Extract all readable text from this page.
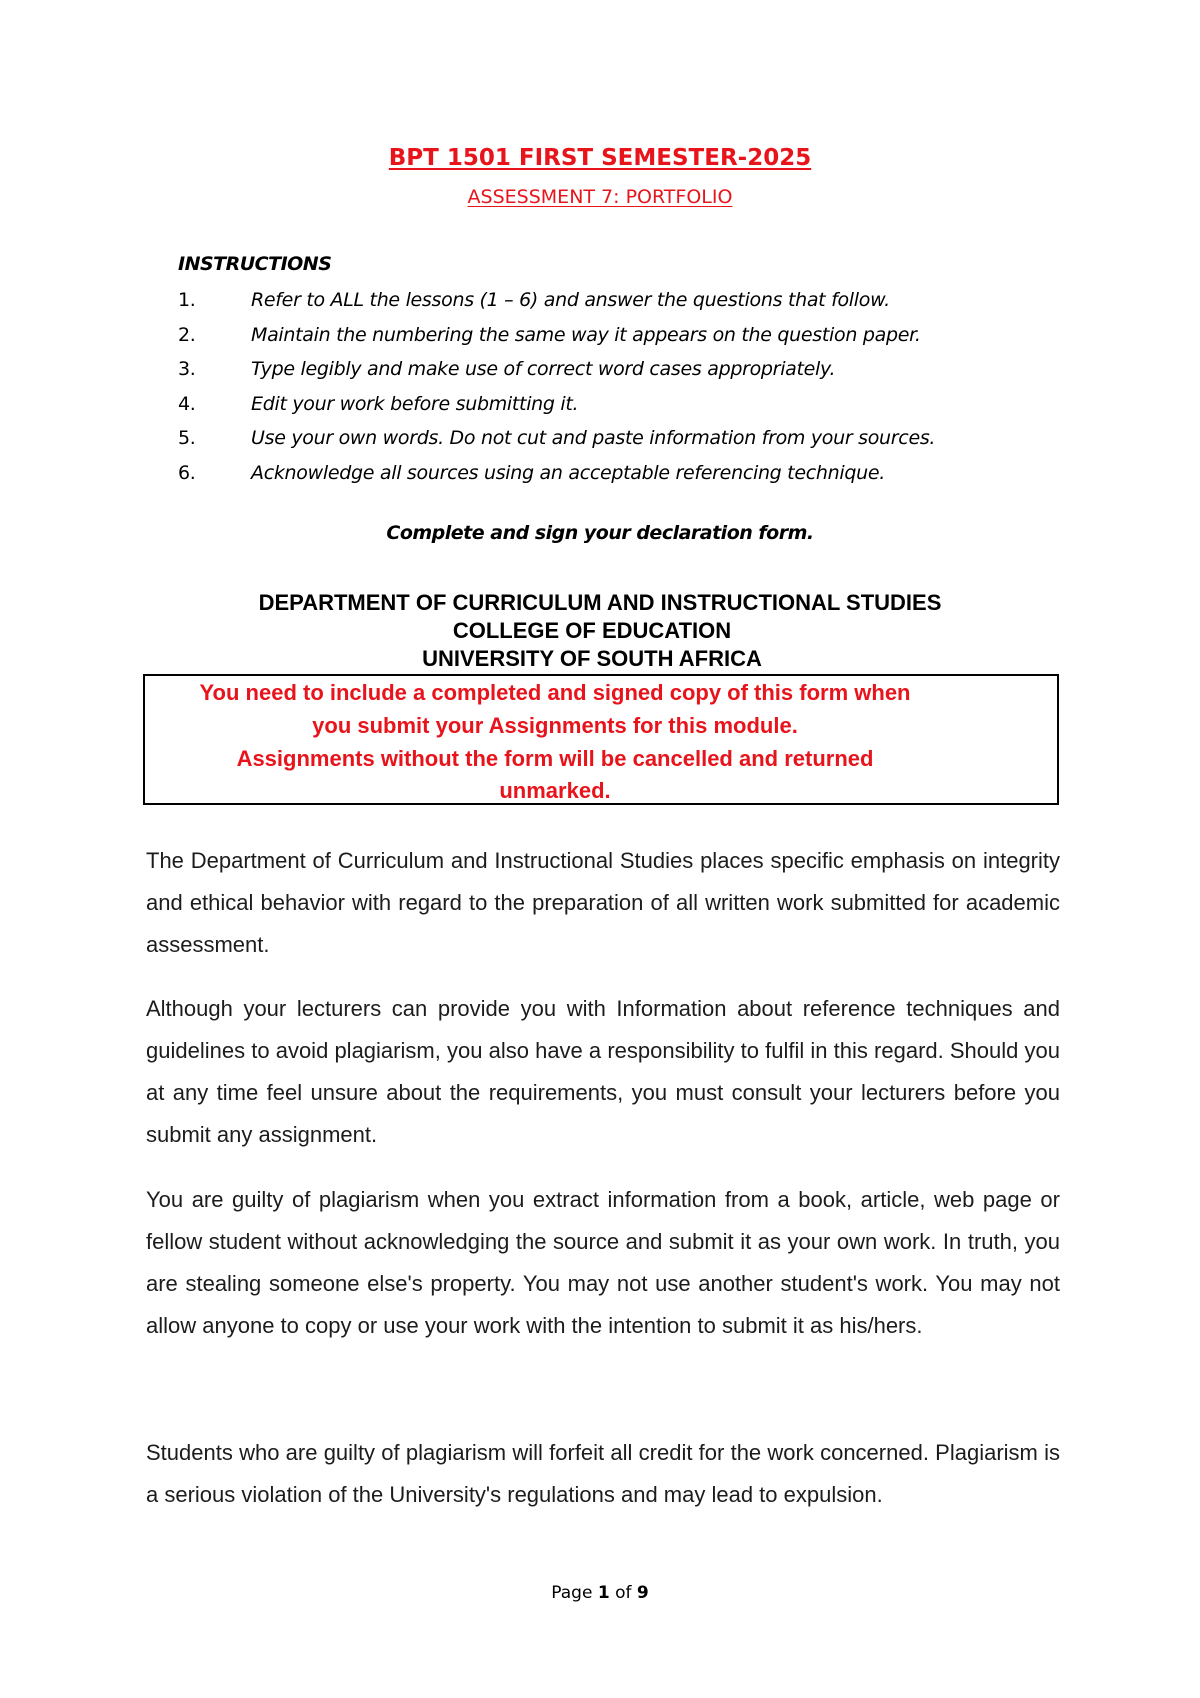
BPT 1501 FIRST SEMESTER-2025
ASSESSMENT 7: PORTFOLIO
INSTRUCTIONS
1.	Refer to ALL the lessons (1 – 6) and answer the questions that follow.
2.	Maintain the numbering the same way it appears on the question paper.
3.	Type legibly and make use of correct word cases appropriately.
4.	Edit your work before submitting it.
5.	Use your own words. Do not cut and paste information from your sources.
6.	Acknowledge all sources using an acceptable referencing technique.
Complete and sign your declaration form.
DEPARTMENT OF CURRICULUM AND INSTRUCTIONAL STUDIES
COLLEGE OF EDUCATION
UNIVERSITY OF SOUTH AFRICA
You need to include a completed and signed copy of this form when
you submit your Assignments for this module.
Assignments without the form will be cancelled and returned
unmarked.

The Department of Curriculum and Instructional Studies places specific emphasis on integrity and ethical behavior with regard to the preparation of all written work submitted for academic assessment.

Although your lecturers can provide you with Information about reference techniques and guidelines to avoid plagiarism, you also have a responsibility to fulfil in this regard. Should you at any time feel unsure about the requirements, you must consult your lecturers before you submit any assignment.

You are guilty of plagiarism when you extract information from a book, article, web page or fellow student without acknowledging the source and submit it as your own work. In truth, you are stealing someone else's property. You may not use another student's work. You may not allow anyone to copy or use your work with the intention to submit it as his/hers.

Students who are guilty of plagiarism will forfeit all credit for the work concerned. Plagiarism is a serious violation of the University's regulations and may lead to expulsion.

Page 1 of 9
